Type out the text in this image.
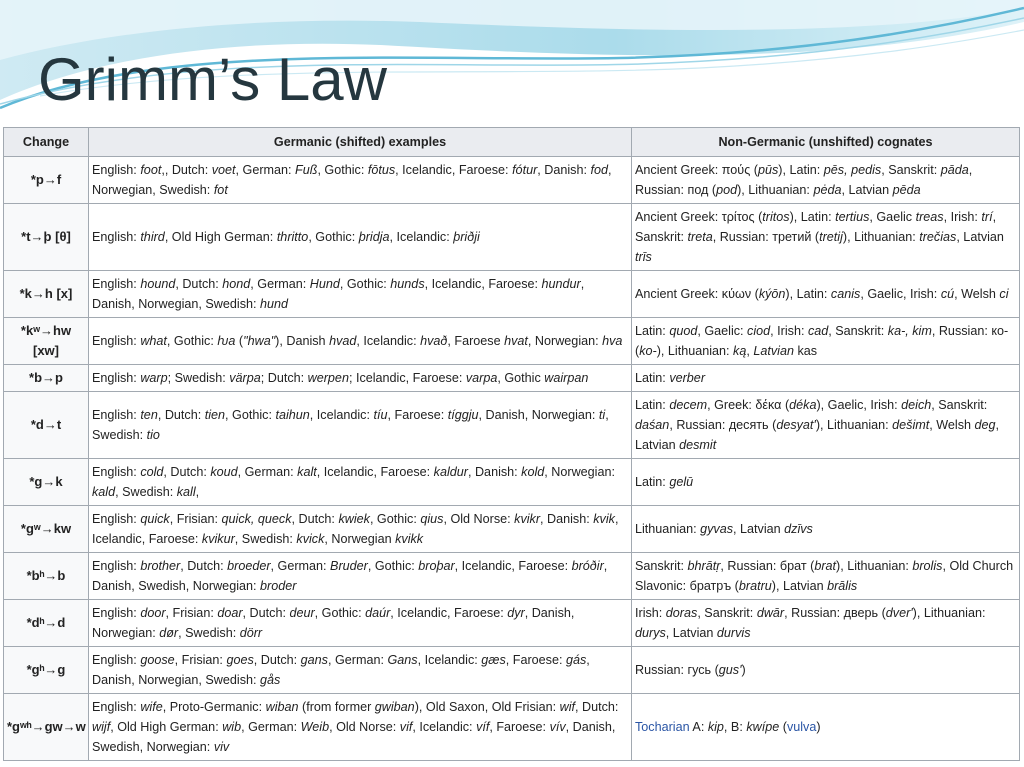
Grimm’s Law
Change	Germanic (shifted) examples	Non-Germanic (unshifted) cognates
*p→f	English: foot,, Dutch: voet, German: Fuß, Gothic: fōtus, Icelandic, Faroese: fótur, Danish: fod, Norwegian, Swedish: fot	Ancient Greek: πούς (pūs), Latin: pēs, pedis, Sanskrit: pāda, Russian: под (pod), Lithuanian: pėda, Latvian pēda
*t→þ [θ]	English: third, Old High German: thritto, Gothic: þridja, Icelandic: þriðji	Ancient Greek: τρίτος (tritos), Latin: tertius, Gaelic treas, Irish: trí, Sanskrit: treta, Russian: третий (tretij), Lithuanian: trečias, Latvian trīs
*k→h [x]	English: hound, Dutch: hond, German: Hund, Gothic: hunds, Icelandic, Faroese: hundur, Danish, Norwegian, Swedish: hund	Ancient Greek: κύων (kýōn), Latin: canis, Gaelic, Irish: cú, Welsh ci
*kʷ→hw [xw]	English: what, Gothic: ƕa ("hwa"), Danish hvad, Icelandic: hvað, Faroese hvat, Norwegian: hva	Latin: quod, Gaelic: ciod, Irish: cad, Sanskrit: ka-, kim, Russian: ко- (ko-), Lithuanian: ką, Latvian kas
*b→p	English: warp; Swedish: värpa; Dutch: werpen; Icelandic, Faroese: varpa, Gothic wairpan	Latin: verber
*d→t	English: ten, Dutch: tien, Gothic: taihun, Icelandic: tíu, Faroese: tíggju, Danish, Norwegian: ti, Swedish: tio	Latin: decem, Greek: δέκα (déka), Gaelic, Irish: deich, Sanskrit: daśan, Russian: десять (desyat'), Lithuanian: dešimt, Welsh deg, Latvian desmit
*g→k	English: cold, Dutch: koud, German: kalt, Icelandic, Faroese: kaldur, Danish: kold, Norwegian: kald, Swedish: kall,	Latin: gelū
*gʷ→kw	English: quick, Frisian: quick, queck, Dutch: kwiek, Gothic: qius, Old Norse: kvikr, Danish: kvik, Icelandic, Faroese: kvikur, Swedish: kvick, Norwegian kvikk	Lithuanian: gyvas, Latvian dzīvs
*bʰ→b	English: brother, Dutch: broeder, German: Bruder, Gothic: broþar, Icelandic, Faroese: bróðir, Danish, Swedish, Norwegian: broder	Sanskrit: bhrātṛ, Russian: брат (brat), Lithuanian: brolis, Old Church Slavonic: братръ (bratru), Latvian brālis
*dʰ→d	English: door, Frisian: doar, Dutch: deur, Gothic: daúr, Icelandic, Faroese: dyr, Danish, Norwegian: dør, Swedish: dörr	Irish: doras, Sanskrit: dwār, Russian: дверь (dver'), Lithuanian: durys, Latvian durvis
*gʰ→g	English: goose, Frisian: goes, Dutch: gans, German: Gans, Icelandic: gæs, Faroese: gás, Danish, Norwegian, Swedish: gås	Russian: гусь (gus')
*gʷʰ→gw→w	English: wife, Proto-Germanic: wiban (from former gwiban), Old Saxon, Old Frisian: wif, Dutch: wijf, Old High German: wib, German: Weib, Old Norse: vif, Icelandic: víf, Faroese: vív, Danish, Swedish, Norwegian: viv	Tocharian A: kip, B: kwípe (vulva)
